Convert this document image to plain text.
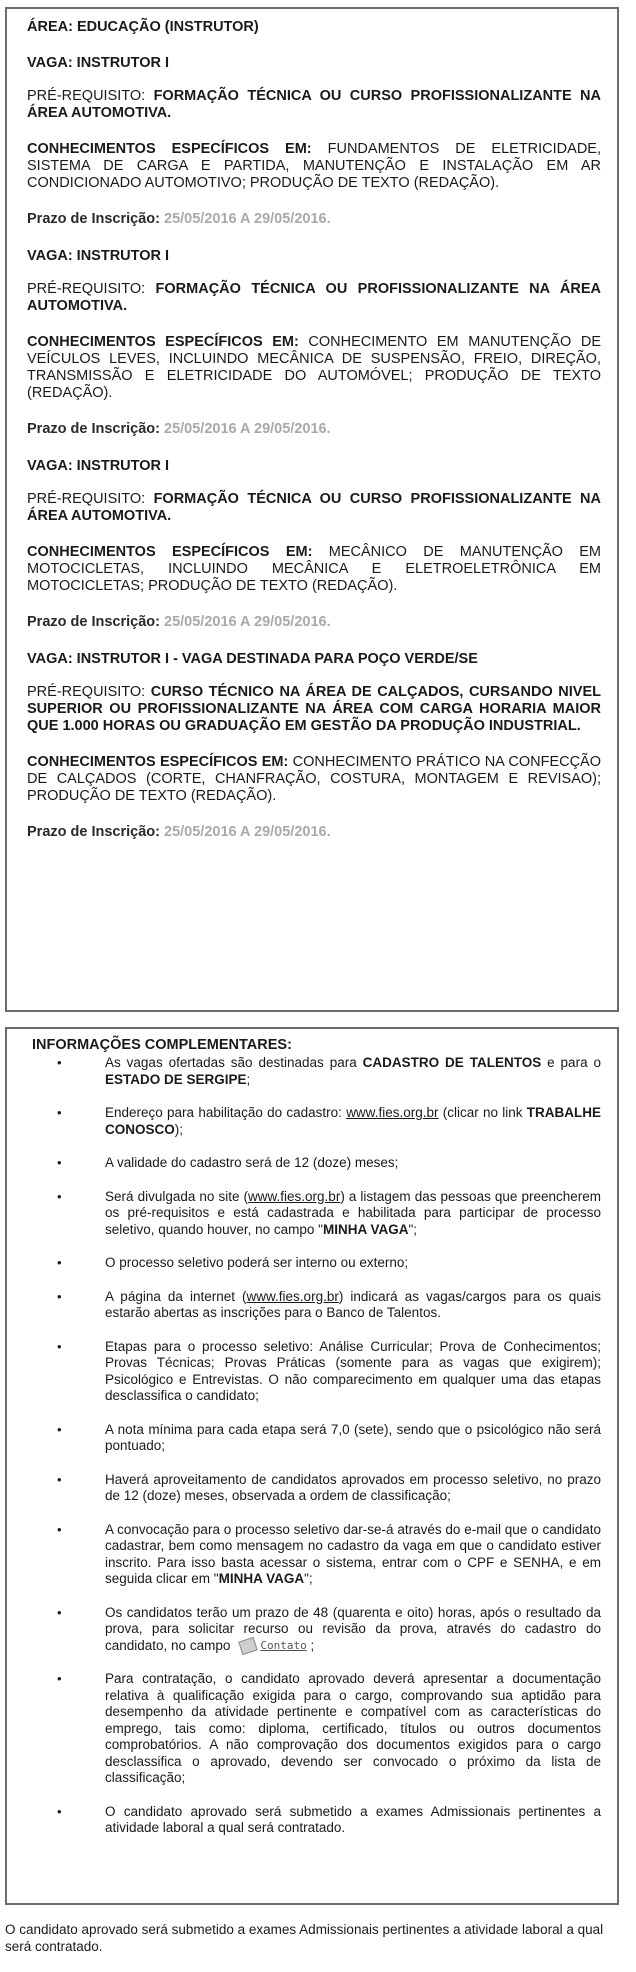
ÁREA: EDUCAÇÃO (INSTRUTOR)
VAGA: INSTRUTOR I
PRÉ-REQUISITO: FORMAÇÃO TÉCNICA OU CURSO PROFISSIONALIZANTE NA ÁREA AUTOMOTIVA.
CONHECIMENTOS ESPECÍFICOS EM: FUNDAMENTOS DE ELETRICIDADE, SISTEMA DE CARGA E PARTIDA, MANUTENÇÃO E INSTALAÇÃO EM AR CONDICIONADO AUTOMOTIVO; PRODUÇÃO DE TEXTO (REDAÇÃO).
Prazo de Inscrição: 25/05/2016 A 29/05/2016.
VAGA: INSTRUTOR I
PRÉ-REQUISITO: FORMAÇÃO TÉCNICA OU PROFISSIONALIZANTE NA ÁREA AUTOMOTIVA.
CONHECIMENTOS ESPECÍFICOS EM: CONHECIMENTO EM MANUTENÇÃO DE VEÍCULOS LEVES, INCLUINDO MECÂNICA DE SUSPENSÃO, FREIO, DIREÇÃO, TRANSMISSÃO E ELETRICIDADE DO AUTOMÓVEL; PRODUÇÃO DE TEXTO (REDAÇÃO).
Prazo de Inscrição: 25/05/2016 A 29/05/2016.
VAGA: INSTRUTOR I
PRÉ-REQUISITO: FORMAÇÃO TÉCNICA OU CURSO PROFISSIONALIZANTE NA ÁREA AUTOMOTIVA.
CONHECIMENTOS ESPECÍFICOS EM: MECÂNICO DE MANUTENÇÃO EM MOTOCICLETAS, INCLUINDO MECÂNICA E ELETROELETRÔNICA EM MOTOCICLETAS; PRODUÇÃO DE TEXTO (REDAÇÃO).
Prazo de Inscrição: 25/05/2016 A 29/05/2016.
VAGA: INSTRUTOR I - VAGA DESTINADA PARA POÇO VERDE/SE
PRÉ-REQUISITO: CURSO TÉCNICO NA ÁREA DE CALÇADOS, CURSANDO NIVEL SUPERIOR OU PROFISSIONALIZANTE NA ÁREA COM CARGA HORARIA MAIOR QUE 1.000 HORAS OU GRADUAÇÃO EM GESTÃO DA PRODUÇÃO INDUSTRIAL.
CONHECIMENTOS ESPECÍFICOS EM: CONHECIMENTO PRÁTICO NA CONFECÇÃO DE CALÇADOS (CORTE, CHANFRAÇÃO, COSTURA, MONTAGEM E REVISAO); PRODUÇÃO DE TEXTO (REDAÇÃO).
Prazo de Inscrição: 25/05/2016 A 29/05/2016.
INFORMAÇÕES COMPLEMENTARES:
•	As vagas ofertadas são destinadas para CADASTRO DE TALENTOS e para o ESTADO DE SERGIPE;
•	Endereço para habilitação do cadastro: www.fies.org.br (clicar no link TRABALHE CONOSCO);
•	A validade do cadastro será de 12 (doze) meses;
•	Será divulgada no site (www.fies.org.br) a listagem das pessoas que preencherem os pré-requisitos e está cadastrada e habilitada para participar de processo seletivo, quando houver, no campo "MINHA VAGA";
•	O processo seletivo poderá ser interno ou externo;
•	A página da internet (www.fies.org.br) indicará as vagas/cargos para os quais estarão abertas as inscrições para o Banco de Talentos.
•	Etapas para o processo seletivo: Análise Curricular; Prova de Conhecimentos; Provas Técnicas; Provas Práticas (somente para as vagas que exigirem); Psicológico e Entrevistas. O não comparecimento em qualquer uma das etapas desclassifica o candidato;
•	A nota mínima para cada etapa será 7,0 (sete), sendo que o psicológico não será pontuado;
•	Haverá aproveitamento de candidatos aprovados em processo seletivo, no prazo de 12 (doze) meses, observada a ordem de classificação;
•	A convocação para o processo seletivo dar-se-á através do e-mail que o candidato cadastrar, bem como mensagem no cadastro da vaga em que o candidato estiver inscrito. Para isso basta acessar o sistema, entrar com o CPF e SENHA, e em seguida clicar em "MINHA VAGA";
•	Os candidatos terão um prazo de 48 (quarenta e oito) horas, após o resultado da prova, para solicitar recurso ou revisão da prova, através do cadastro do candidato, no campo	Contato ;
•	Para contratação, o candidato aprovado deverá apresentar a documentação relativa à qualificação exigida para o cargo, comprovando sua aptidão para desempenho da atividade pertinente e compatível com as características do emprego, tais como: diploma, certificado, títulos ou outros documentos comprobatórios. A não comprovação dos documentos exigidos para o cargo desclassifica o aprovado, devendo ser convocado o próximo da lista de classificação;
•	O candidato aprovado será submetido a exames Admissionais pertinentes a atividade laboral a qual será contratado.
O candidato aprovado será submetido a exames Admissionais pertinentes a atividade laboral a qual será contratado.
